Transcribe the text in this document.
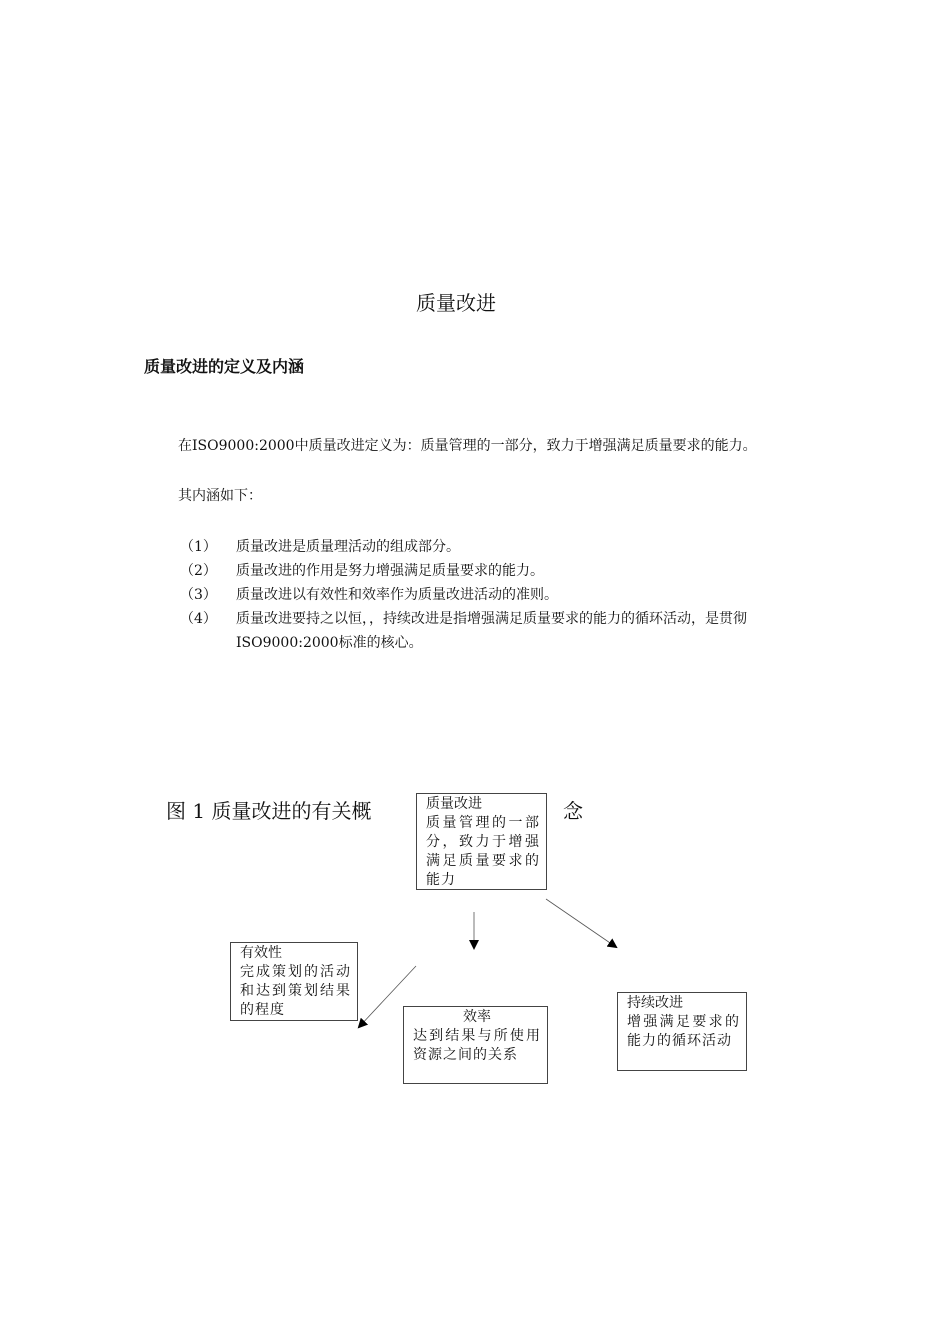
质量改进
质量改进的定义及内涵
在ISO9000:2000中质量改进定义为：质量管理的一部分，致力于增强满足质量要求的能力。
其内涵如下：
（1） 质量改进是质量理活动的组成部分。
（2） 质量改进的作用是努力增强满足质量要求的能力。
（3） 质量改进以有效性和效率作为质量改进活动的准则。
（4） 质量改进要持之以恒，，持续改进是指增强满足质量要求的能力的循环活动，是贯彻ISO9000:2000标准的核心。
图 1 质量改进的有关概	念
质量改进
质量管理的一部分，致力于增强满足质量要求的能力
有效性
完成策划的活动和达到策划结果的程度	效率
达到结果与所使用资源之间的关系
持续改进
增强满足要求的能力的循环活动
